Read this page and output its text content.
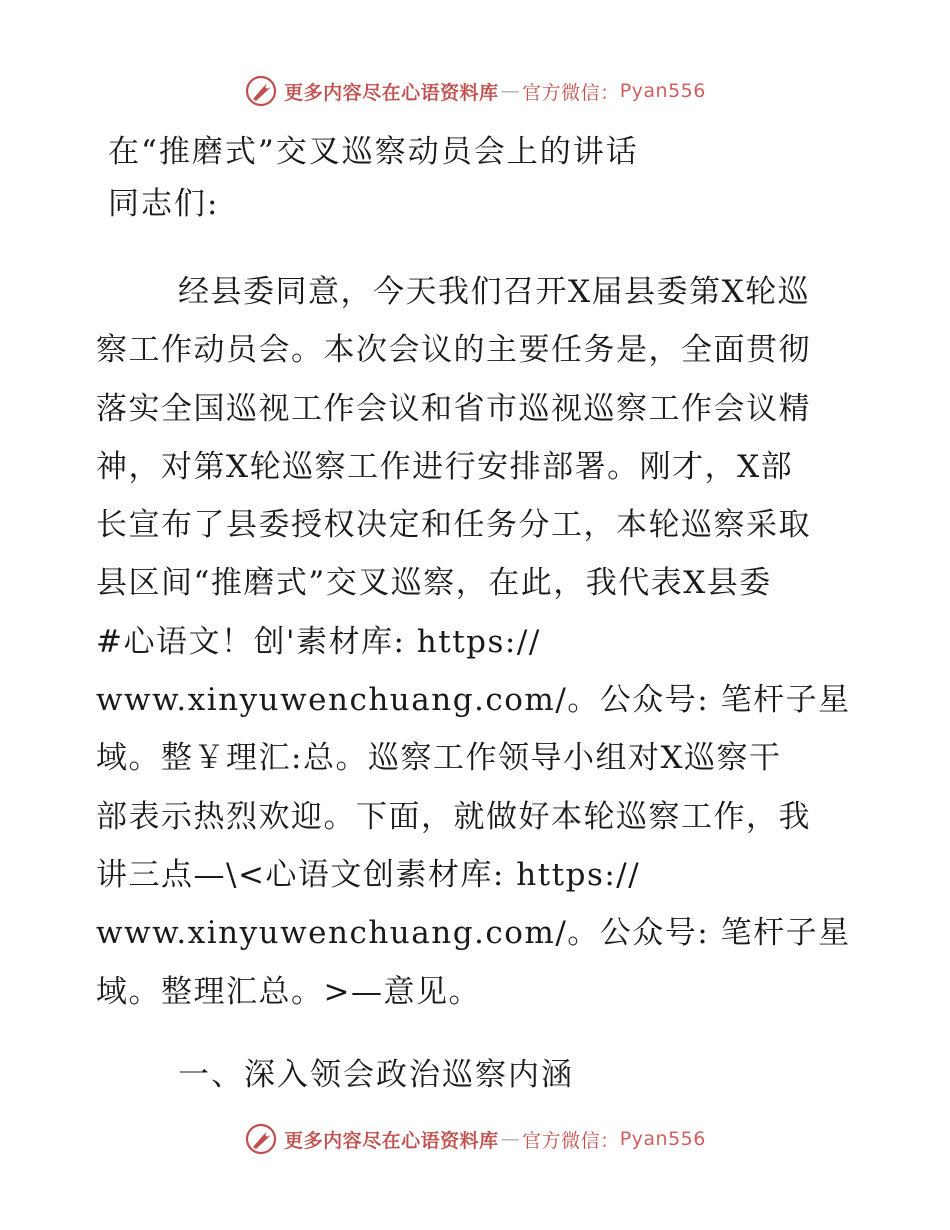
更多内容尽在心语资料库 — 官方微信： Pyan556
在“推磨式”交叉巡察动员会上的讲话
同志们:
经县委同意，今天我们召开X届县委第X轮巡
察工作动员会。本次会议的主要任务是，全面贯彻
落实全国巡视工作会议和省市巡视巡察工作会议精
神，对第X轮巡察工作进行安排部署。刚才，X部
长宣布了县委授权决定和任务分工，本轮巡察采取
县区间“推磨式”交叉巡察，在此，我代表X县委
#心语文！创'素材库: https://
www.xinyuwenchuang.com/。公众号: 笔杆子星
域。整￥理汇:总。巡察工作领导小组对X巡察干
部表示热烈欢迎。下面，就做好本轮巡察工作，我
讲三点—\<心语文创素材库: https://
www.xinyuwenchuang.com/。公众号: 笔杆子星
域。整理汇总。>—意见。
一、深入领会政治巡察内涵
更多内容尽在心语资料库 — 官方微信： Pyan556
